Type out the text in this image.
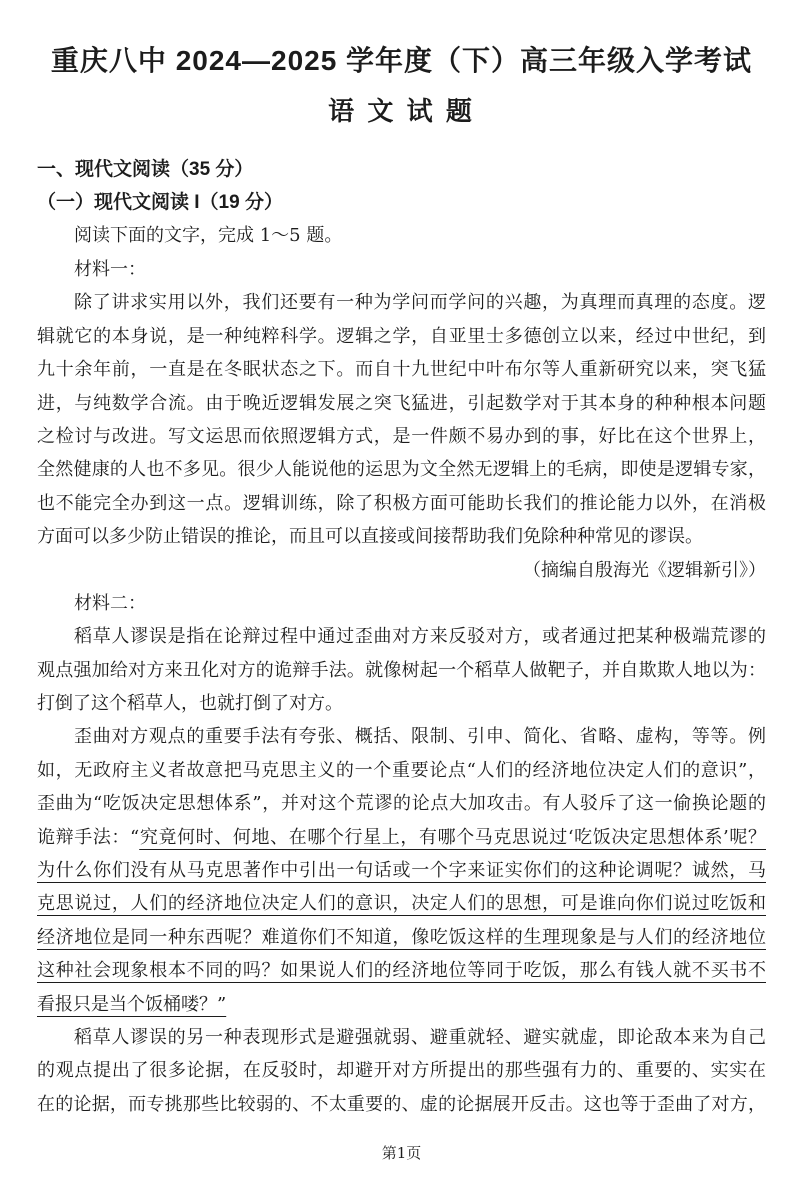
重庆八中 2024—2025 学年度（下）高三年级入学考试
语 文 试 题
一、现代文阅读（35 分）
（一）现代文阅读 I（19 分）
阅读下面的文字，完成 1～5 题。
材料一：
除了讲求实用以外，我们还要有一种为学问而学问的兴趣，为真理而真理的态度。逻
辑就它的本身说，是一种纯粹科学。逻辑之学，自亚里士多德创立以来，经过中世纪，到
九十余年前，一直是在冬眠状态之下。而自十九世纪中叶布尔等人重新研究以来，突飞猛
进，与纯数学合流。由于晚近逻辑发展之突飞猛进，引起数学对于其本身的种种根本问题
之检讨与改进。写文运思而依照逻辑方式，是一件颇不易办到的事，好比在这个世界上，
全然健康的人也不多见。很少人能说他的运思为文全然无逻辑上的毛病，即使是逻辑专家，
也不能完全办到这一点。逻辑训练，除了积极方面可能助长我们的推论能力以外，在消极
方面可以多少防止错误的推论，而且可以直接或间接帮助我们免除种种常见的谬误。
（摘编自殷海光《逻辑新引》）
材料二：
稻草人谬误是指在论辩过程中通过歪曲对方来反驳对方，或者通过把某种极端荒谬的
观点强加给对方来丑化对方的诡辩手法。就像树起一个稻草人做靶子，并自欺欺人地以为：
打倒了这个稻草人，也就打倒了对方。
歪曲对方观点的重要手法有夸张、概括、限制、引申、简化、省略、虚构，等等。例
如，无政府主义者故意把马克思主义的一个重要论点“人们的经济地位决定人们的意识”，
歪曲为“吃饭决定思想体系”，并对这个荒谬的论点大加攻击。有人驳斥了这一偷换论题的
诡辩手法：“究竟何时、何地、在哪个行星上，有哪个马克思说过‘吃饭决定思想体系’呢？
为什么你们没有从马克思著作中引出一句话或一个字来证实你们的这种论调呢？诚然，马
克思说过，人们的经济地位决定人们的意识，决定人们的思想，可是谁向你们说过吃饭和
经济地位是同一种东西呢？难道你们不知道，像吃饭这样的生理现象是与人们的经济地位
这种社会现象根本不同的吗？如果说人们的经济地位等同于吃饭，那么有钱人就不买书不
看报只是当个饭桶喽？”
稻草人谬误的另一种表现形式是避强就弱、避重就轻、避实就虚，即论敌本来为自己
的观点提出了很多论据，在反驳时，却避开对方所提出的那些强有力的、重要的、实实在
在的论据，而专挑那些比较弱的、不太重要的、虚的论据展开反击。这也等于歪曲了对方，
第1页
